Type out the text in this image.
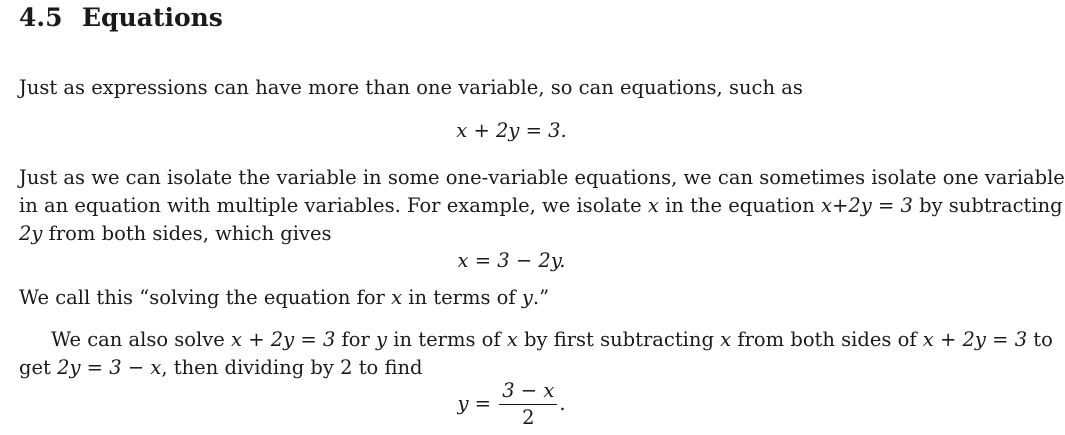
4.5 Equations
Just as expressions can have more than one variable, so can equations, such as
x + 2y = 3.
Just as we can isolate the variable in some one-variable equations, we can sometimes isolate one variable
in an equation with multiple variables. For example, we isolate x in the equation x+2y = 3 by subtracting
2y from both sides, which gives
x = 3 − 2y.
We call this “solving the equation for x in terms of y.”
We can also solve x + 2y = 3 for y in terms of x by first subtracting x from both sides of x + 2y = 3 to
get 2y = 3 − x, then dividing by 2 to find
$y = \frac{3 - x}{2}$ .
